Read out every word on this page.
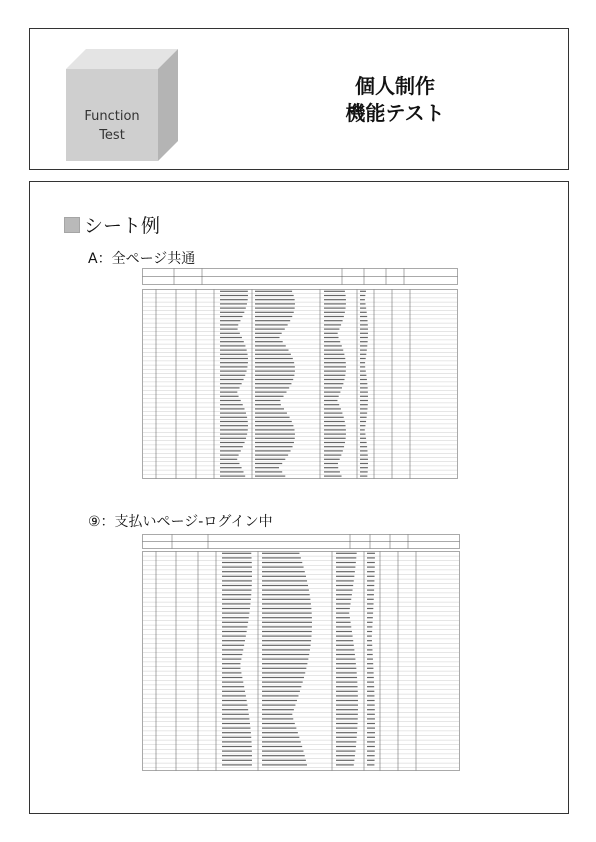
Function
Test
個人制作
機能テスト
シート例
A：全ページ共通
⑨：支払いページ-ログイン中
